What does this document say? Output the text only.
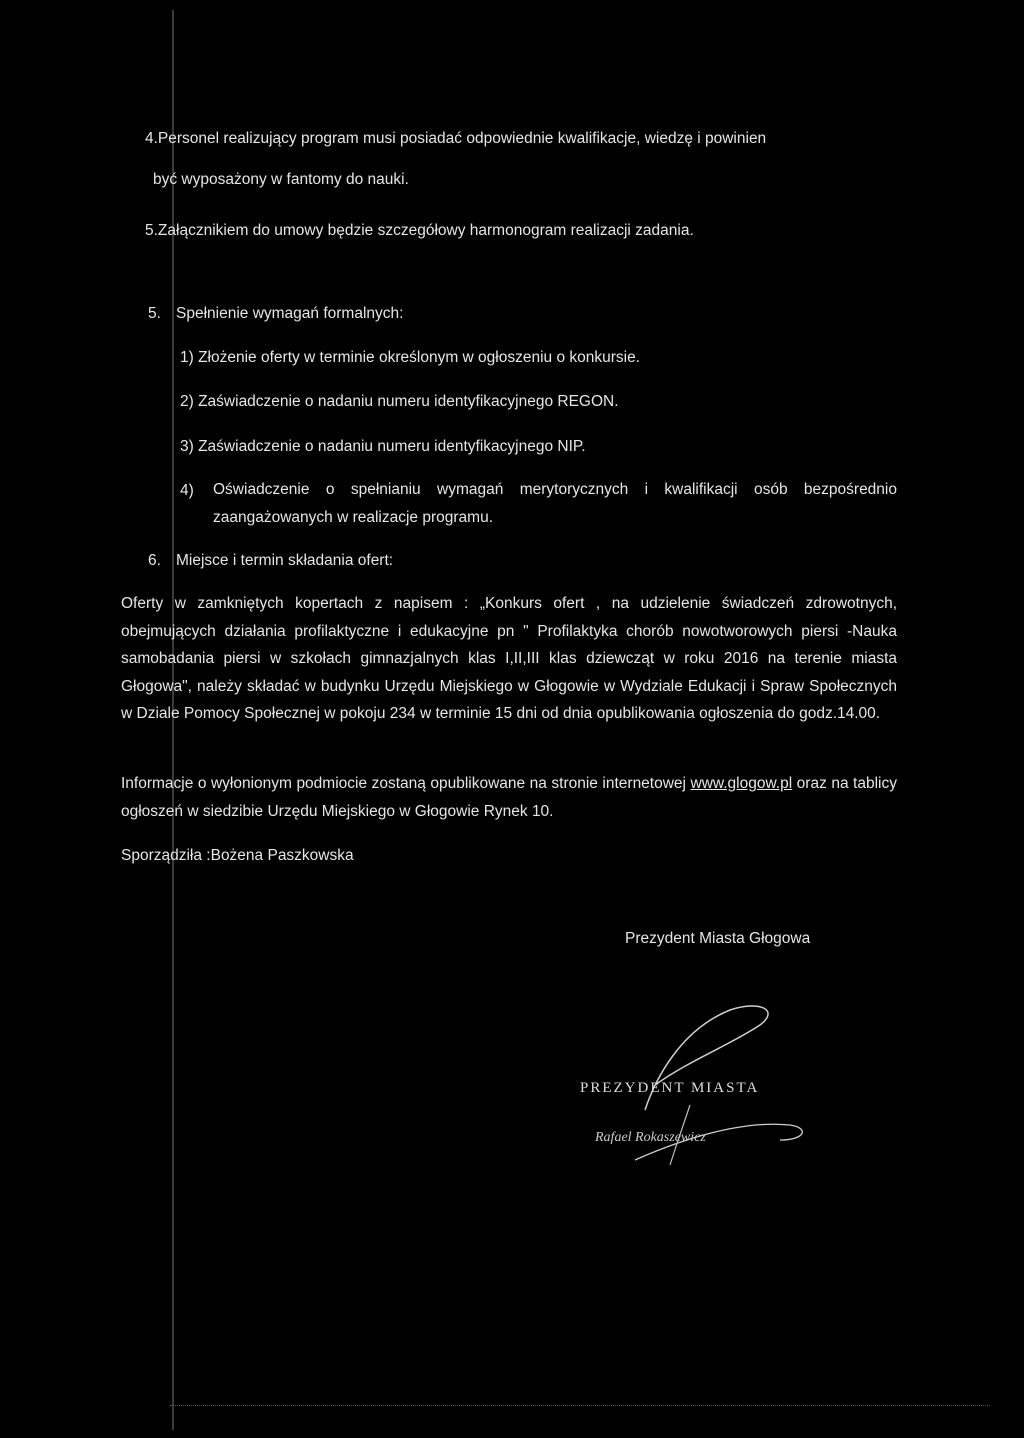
4.Personel realizujący program musi posiadać odpowiednie kwalifikacje, wiedzę i powinien
być wyposażony w fantomy do nauki.
5.Załącznikiem do umowy będzie szczegółowy harmonogram realizacji zadania.
5. Spełnienie wymagań formalnych:
1) Złożenie oferty w terminie określonym w ogłoszeniu o konkursie.
2) Zaświadczenie o nadaniu numeru identyfikacyjnego REGON.
3) Zaświadczenie o nadaniu numeru identyfikacyjnego NIP.
4) Oświadczenie o spełnianiu wymagań merytorycznych i kwalifikacji osób bezpośrednio zaangażowanych w realizacje programu.

6. Miejsce i termin składania ofert:

Oferty w zamkniętych kopertach z napisem : „Konkurs ofert , na udzielenie świadczeń zdrowotnych, obejmujących działania profilaktyczne i edukacyjne pn " Profilaktyka chorób nowotworowych piersi -Nauka samobadania piersi w szkołach gimnazjalnych klas I,II,III klas dziewcząt w roku 2016 na terenie miasta Głogowa", należy składać w budynku Urzędu Miejskiego w Głogowie w Wydziale Edukacji i Spraw Społecznych w Dziale Pomocy Społecznej w pokoju 234 w terminie 15 dni od dnia opublikowania ogłoszenia do godz.14.00.

Informacje o wyłonionym podmiocie zostaną opublikowane na stronie internetowej www.glogow.pl oraz na tablicy ogłoszeń w siedzibie Urzędu Miejskiego w Głogowie Rynek 10.

Sporządziła :Bożena Paszkowska
Prezydent Miasta Głogowa
PREZYDENT MIASTA
Rafael Rokaszewicz
